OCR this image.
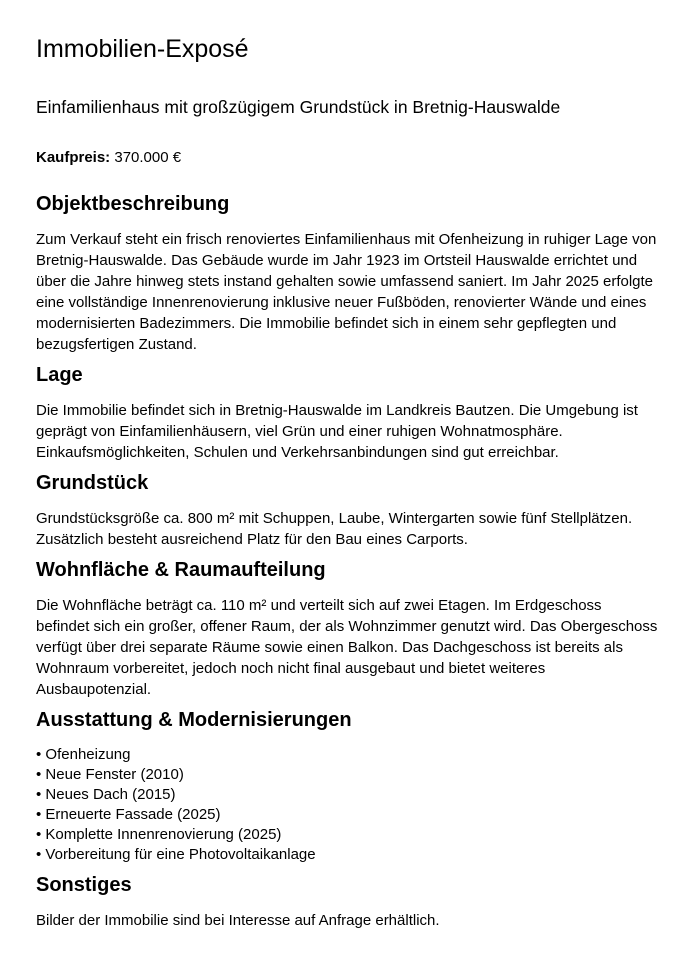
Immobilien-Exposé
Einfamilienhaus mit großzügigem Grundstück in Bretnig-Hauswalde
Kaufpreis: 370.000 €
Objektbeschreibung

Zum Verkauf steht ein frisch renoviertes Einfamilienhaus mit Ofenheizung in ruhiger Lage von Bretnig-Hauswalde. Das Gebäude wurde im Jahr 1923 im Ortsteil Hauswalde errichtet und über die Jahre hinweg stets instand gehalten sowie umfassend saniert. Im Jahr 2025 erfolgte eine vollständige Innenrenovierung inklusive neuer Fußböden, renovierter Wände und eines modernisierten Badezimmers. Die Immobilie befindet sich in einem sehr gepflegten und bezugsfertigen Zustand.

Lage

Die Immobilie befindet sich in Bretnig-Hauswalde im Landkreis Bautzen. Die Umgebung ist geprägt von Einfamilienhäusern, viel Grün und einer ruhigen Wohnatmosphäre. Einkaufsmöglichkeiten, Schulen und Verkehrsanbindungen sind gut erreichbar.

Grundstück

Grundstücksgröße ca. 800 m² mit Schuppen, Laube, Wintergarten sowie fünf Stellplätzen. Zusätzlich besteht ausreichend Platz für den Bau eines Carports.

Wohnfläche & Raumaufteilung

Die Wohnfläche beträgt ca. 110 m² und verteilt sich auf zwei Etagen. Im Erdgeschoss befindet sich ein großer, offener Raum, der als Wohnzimmer genutzt wird. Das Obergeschoss verfügt über drei separate Räume sowie einen Balkon. Das Dachgeschoss ist bereits als Wohnraum vorbereitet, jedoch noch nicht final ausgebaut und bietet weiteres Ausbaupotenzial.

Ausstattung & Modernisierungen
• Ofenheizung
• Neue Fenster (2010)
• Neues Dach (2015)
• Erneuerte Fassade (2025)
• Komplette Innenrenovierung (2025)
• Vorbereitung für eine Photovoltaikanlage
Sonstiges

Bilder der Immobilie sind bei Interesse auf Anfrage erhältlich.
